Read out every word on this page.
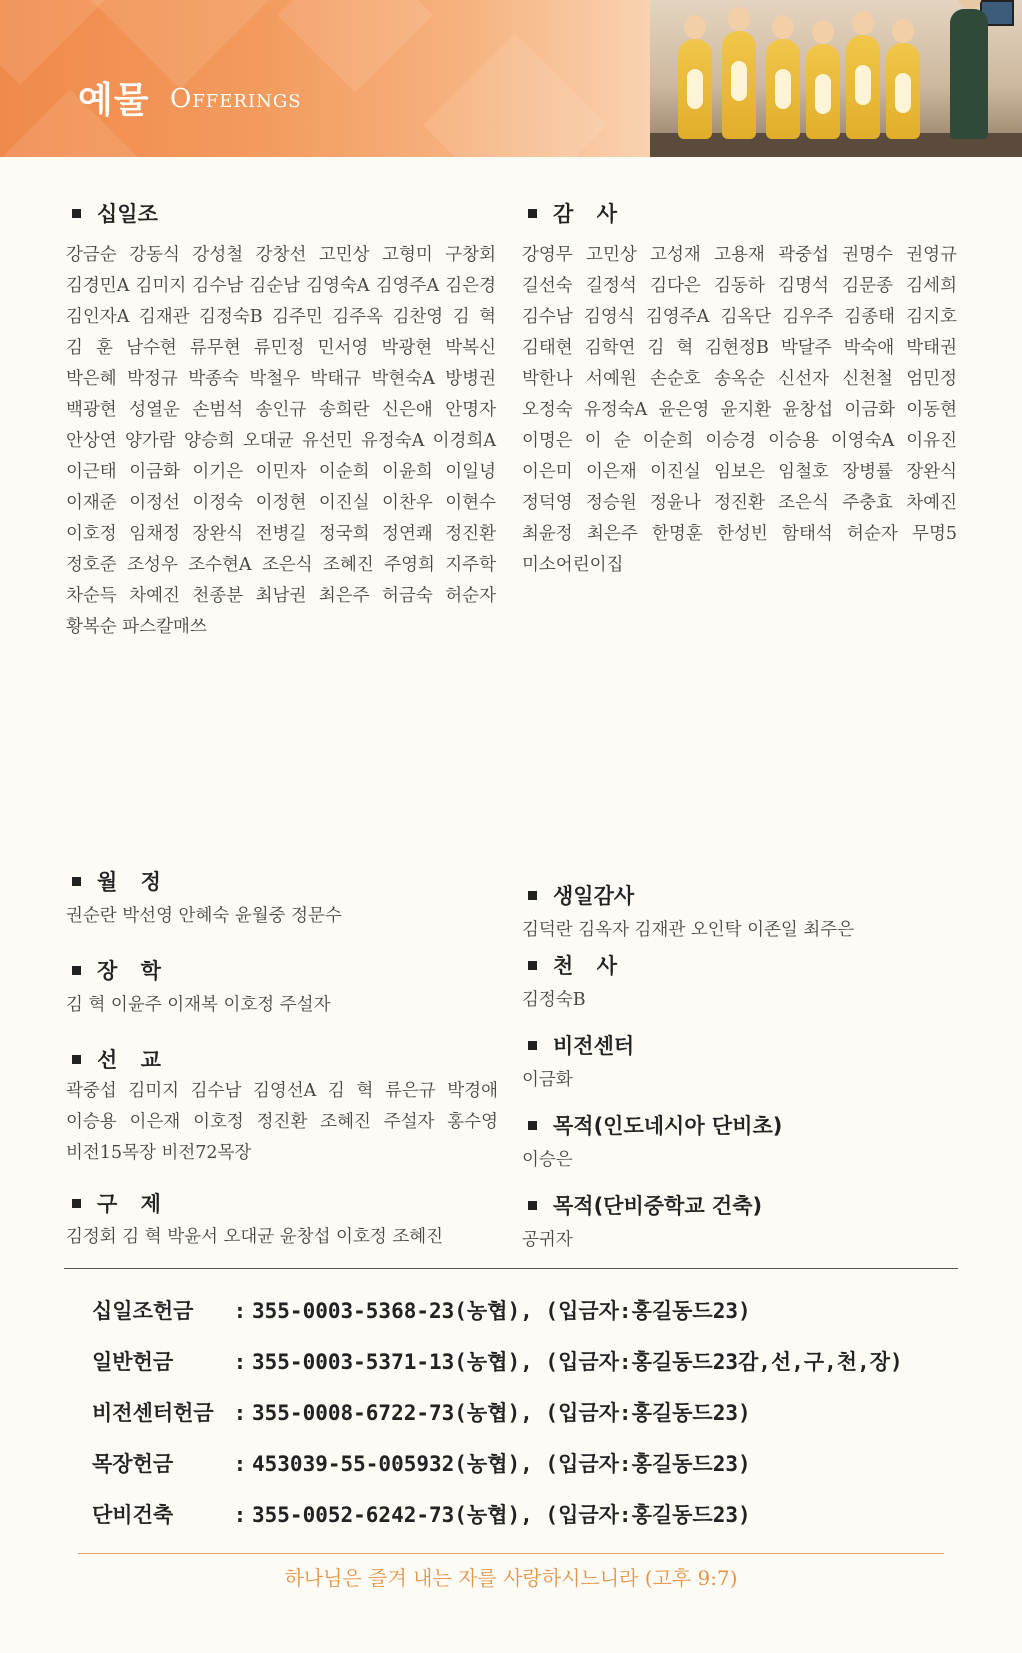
예물 Offerings
십일조
강금순 강동식 강성철 강창선 고민상 고형미 구창회
김경민A 김미지 김수남 김순남 김영숙A 김영주A 김은경
김인자A 김재관 김정숙B 김주민 김주옥 김찬영 김 혁
김 훈 남수현 류무현 류민정 민서영 박광현 박복신
박은혜 박정규 박종숙 박철우 박태규 박현숙A 방병권
백광현 성열운 손범석 송인규 송희란 신은애 안명자
안상연 양가람 양승희 오대균 유선민 유정숙A 이경희A
이근태 이금화 이기은 이민자 이순희 이윤희 이일녕
이재준 이정선 이정숙 이정현 이진실 이찬우 이현수
이호정 임채정 장완식 전병길 정국희 정연쾌 정진환
정호준 조성우 조수현A 조은식 조혜진 주영희 지주학
차순득 차예진 천종분 최남권 최은주 허금숙 허순자
황복순 파스칼매쓰
감 사
강영무 고민상 고성재 고용재 곽중섭 권명수 권영규
길선숙 길정석 김다은 김동하 김명석 김문종 김세희
김수남 김영식 김영주A 김옥단 김우주 김종태 김지호
김태현 김학연 김 혁 김현정B 박달주 박숙애 박태권
박한나 서예원 손순호 송옥순 신선자 신천철 엄민정
오정숙 유정숙A 윤은영 윤지환 윤창섭 이금화 이동현
이명은 이 순 이순희 이승경 이승용 이영숙A 이유진
이은미 이은재 이진실 임보은 임철호 장병률 장완식
정덕영 정승원 정윤나 정진환 조은식 주충효 차예진
최윤정 최은주 한명훈 한성빈 함태석 허순자 무명5
미소어린이집
월 정
권순란 박선영 안혜숙 윤월중 정문수
장 학
김 혁 이윤주 이재복 이호정 주설자
선 교
곽중섭 김미지 김수남 김영선A 김 혁 류은규 박경애
이승용 이은재 이호정 정진환 조혜진 주설자 홍수영
비전15목장 비전72목장
구 제
김정회 김 혁 박윤서 오대균 윤창섭 이호정 조혜진
생일감사
김덕란 김옥자 김재관 오인탁 이존일 최주은
천 사
김정숙B
비전센터
이금화
목적(인도네시아 단비초)
이승은
목적(단비중학교 건축)
공귀자
십일조헌금 : 355-0003-5368-23(농협), (입금자:홍길동드23)
일반헌금	: 355-0003-5371-13(농협), (입금자:홍길동드23감,선,구,천,장)
비전센터헌금 : 355-0008-6722-73(농협), (입금자:홍길동드23)
목장헌금	: 453039-55-005932(농협), (입금자:홍길동드23)
단비건축	: 355-0052-6242-73(농협), (입금자:홍길동드23)
하나님은 즐겨 내는 자를 사랑하시느니라 (고후 9:7)
